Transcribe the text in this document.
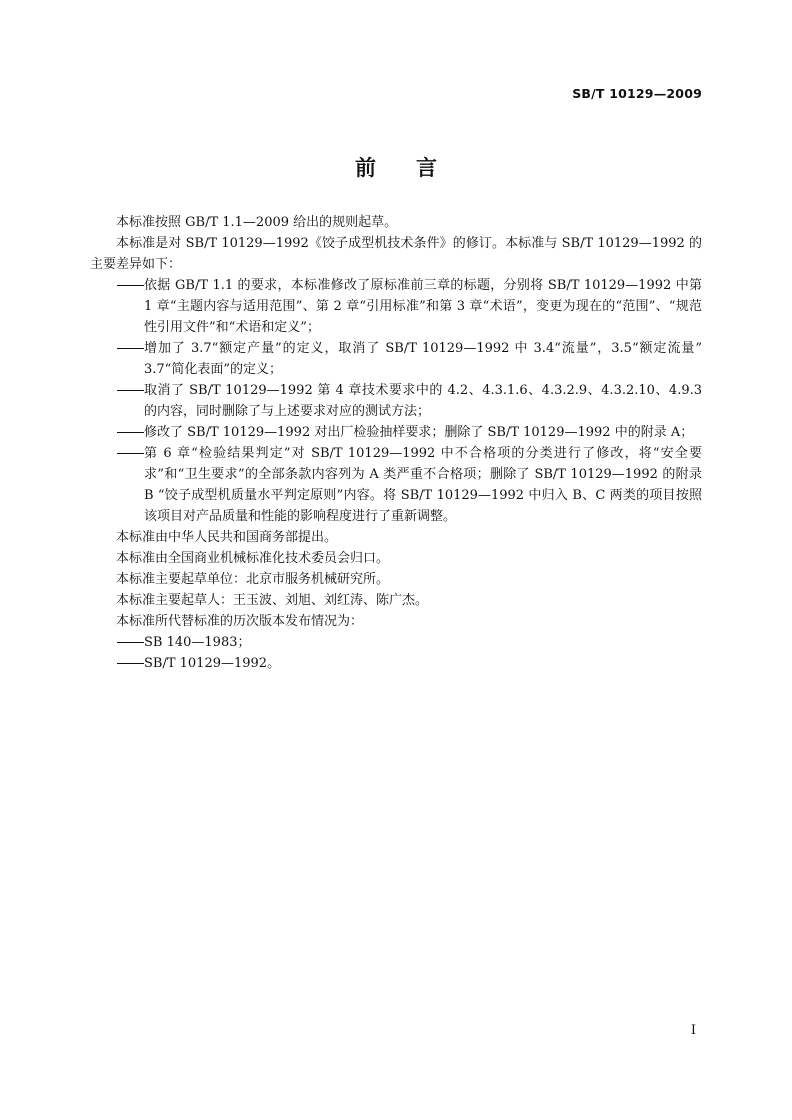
SB/T 10129—2009
前言

本标准按照 GB/T 1.1—2009 给出的规则起草。

本标准是对 SB/T 10129—1992《饺子成型机技术条件》的修订。本标准与 SB/T 10129—1992 的主要差异如下：

依据 GB/T 1.1 的要求，本标准修改了原标准前三章的标题，分别将 SB/T 10129—1992 中第 1 章“主题内容与适用范围”、第 2 章“引用标准”和第 3 章“术语”，变更为现在的“范围”、“规范性引用文件”和“术语和定义”；
增加了 3.7“额定产量”的定义，取消了 SB/T 10129—1992 中 3.4“流量”，3.5“额定流量” 3.7“简化表面”的定义；
取消了 SB/T 10129—1992 第 4 章技术要求中的 4.2、4.3.1.6、4.3.2.9、4.3.2.10、4.9.3 的内容，同时删除了与上述要求对应的测试方法；
修改了 SB/T 10129—1992 对出厂检验抽样要求；删除了 SB/T 10129—1992 中的附录 A；
第 6 章“检验结果判定”对 SB/T 10129—1992 中不合格项的分类进行了修改，将“安全要求”和“卫生要求”的全部条款内容列为 A 类严重不合格项；删除了 SB/T 10129—1992 的附录 B “饺子成型机质量水平判定原则”内容。将 SB/T 10129—1992 中归入 B、C 两类的项目按照该项目对产品质量和性能的影响程度进行了重新调整。

本标准由中华人民共和国商务部提出。

本标准由全国商业机械标准化技术委员会归口。

本标准主要起草单位：北京市服务机械研究所。

本标准主要起草人：王玉波、刘旭、刘红涛、陈广杰。

本标准所代替标准的历次版本发布情况为：

SB 140—1983；
SB/T 10129—1992。
I
